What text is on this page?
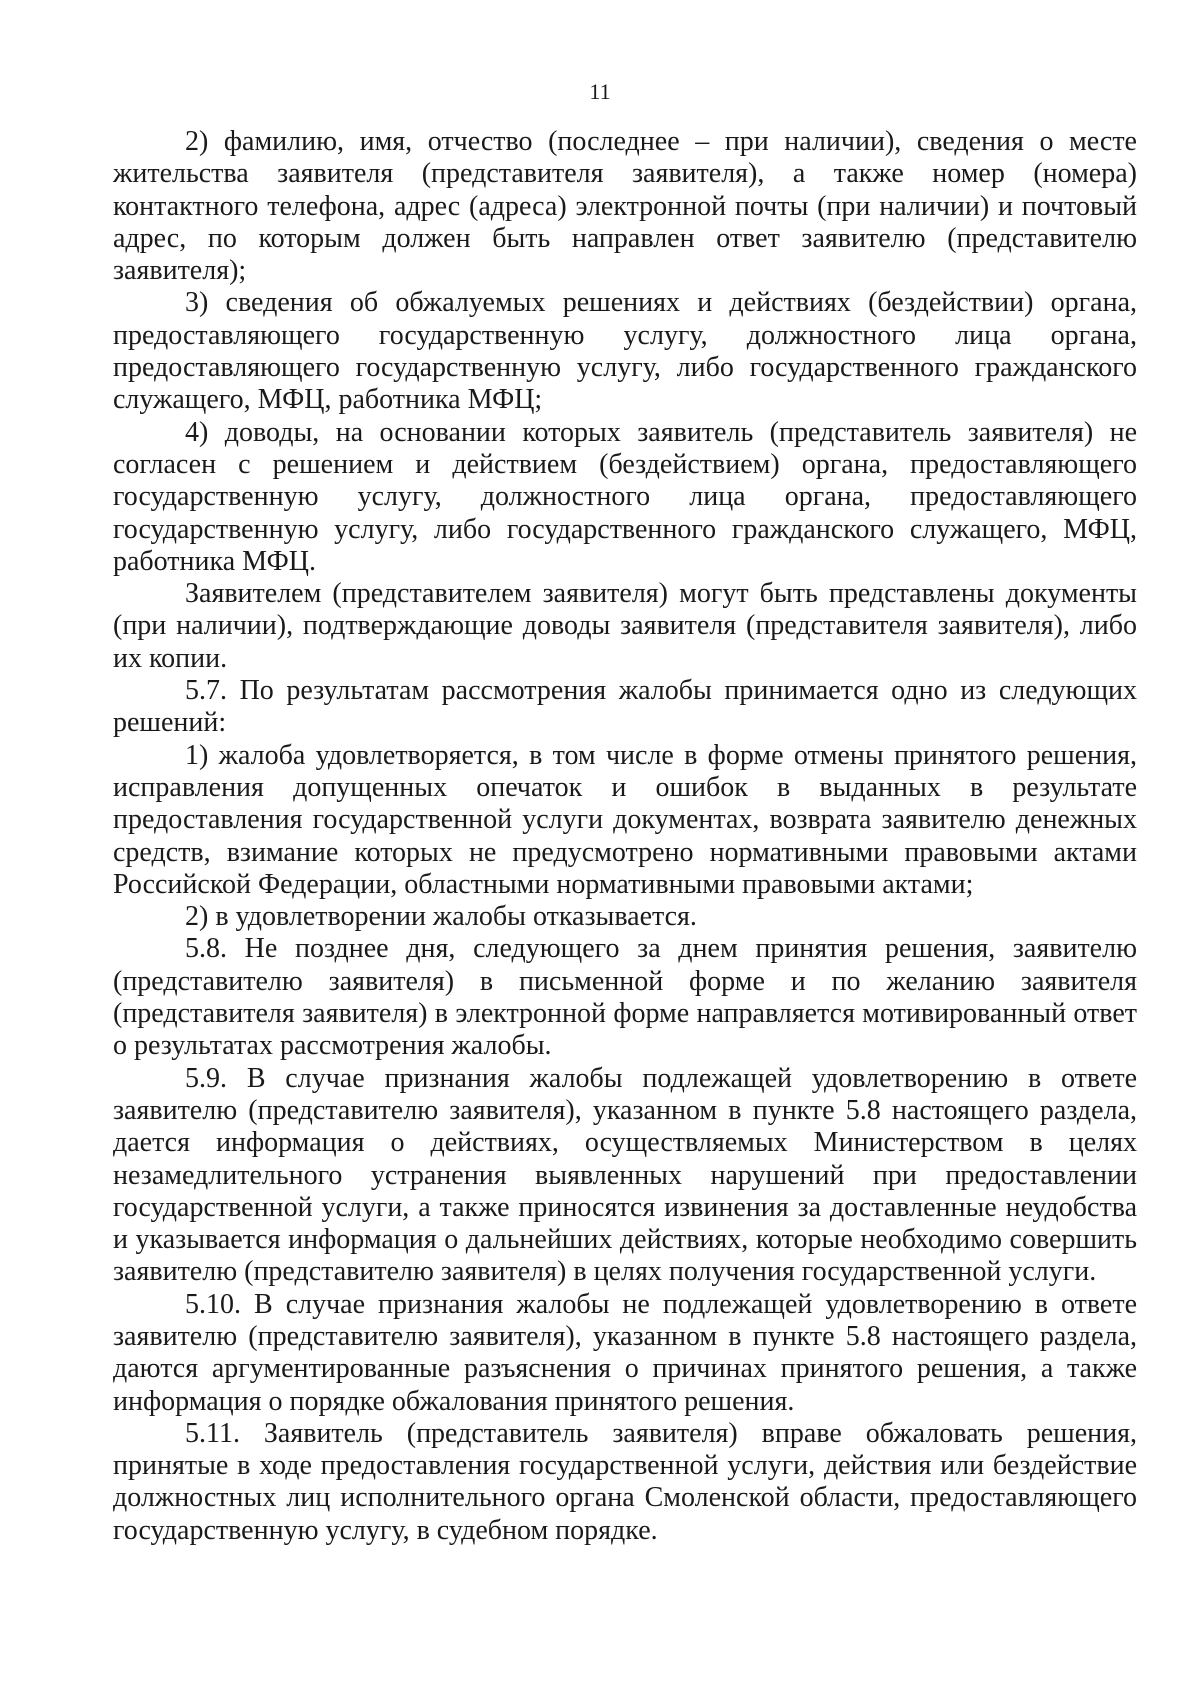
11

2) фамилию, имя, отчество (последнее – при наличии), сведения о месте жительства заявителя (представителя заявителя), а также номер (номера) контактного телефона, адрес (адреса) электронной почты (при наличии) и почтовый адрес, по которым должен быть направлен ответ заявителю (представителю заявителя);

3) сведения об обжалуемых решениях и действиях (бездействии) органа, предоставляющего государственную услугу, должностного лица органа, предоставляющего государственную услугу, либо государственного гражданского служащего, МФЦ, работника МФЦ;

4) доводы, на основании которых заявитель (представитель заявителя) не согласен с решением и действием (бездействием) органа, предоставляющего государственную услугу, должностного лица органа, предоставляющего государственную услугу, либо государственного гражданского служащего, МФЦ, работника МФЦ.

Заявителем (представителем заявителя) могут быть представлены документы (при наличии), подтверждающие доводы заявителя (представителя заявителя), либо их копии.

5.7. По результатам рассмотрения жалобы принимается одно из следующих решений:

1) жалоба удовлетворяется, в том числе в форме отмены принятого решения, исправления допущенных опечаток и ошибок в выданных в результате предоставления государственной услуги документах, возврата заявителю денежных средств, взимание которых не предусмотрено нормативными правовыми актами Российской Федерации, областными нормативными правовыми актами;

2) в удовлетворении жалобы отказывается.

5.8. Не позднее дня, следующего за днем принятия решения, заявителю (представителю заявителя) в письменной форме и по желанию заявителя (представителя заявителя) в электронной форме направляется мотивированный ответ о результатах рассмотрения жалобы.

5.9. В случае признания жалобы подлежащей удовлетворению в ответе заявителю (представителю заявителя), указанном в пункте 5.8 настоящего раздела, дается информация о действиях, осуществляемых Министерством в целях незамедлительного устранения выявленных нарушений при предоставлении государственной услуги, а также приносятся извинения за доставленные неудобства и указывается информация о дальнейших действиях, которые необходимо совершить заявителю (представителю заявителя) в целях получения государственной услуги.

5.10. В случае признания жалобы не подлежащей удовлетворению в ответе заявителю (представителю заявителя), указанном в пункте 5.8 настоящего раздела, даются аргументированные разъяснения о причинах принятого решения, а также информация о порядке обжалования принятого решения.

5.11. Заявитель (представитель заявителя) вправе обжаловать решения, принятые в ходе предоставления государственной услуги, действия или бездействие должностных лиц исполнительного органа Смоленской области, предоставляющего государственную услугу, в судебном порядке.
